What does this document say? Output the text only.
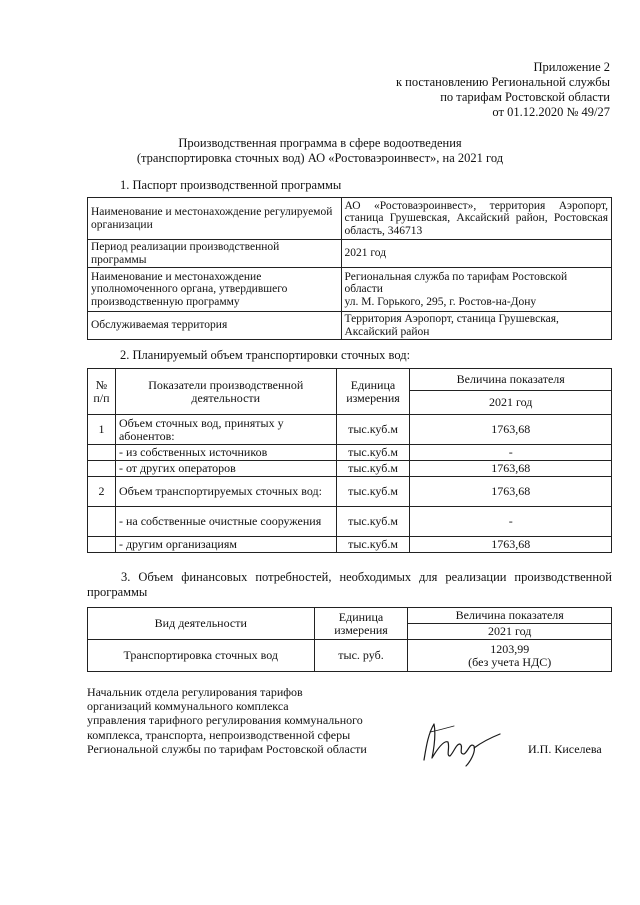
Приложение 2
к постановлению Региональной службы
по тарифам Ростовской области
от 01.12.2020 № 49/27
Производственная программа в сфере водоотведения
(транспортировка сточных вод) АО «Ростоваэроинвест», на 2021 год
1. Паспорт производственной программы
Наименование и местонахождение регулируемой организации	АО «Ростоваэроинвест», территория Аэропорт, станица Грушевская, Аксайский район, Ростовская область, 346713
Период реализации производственной программы	2021 год
Наименование и местонахождение уполномоченного органа, утвердившего производственную программу	Региональная служба по тарифам Ростовской области
ул. М. Горького, 295, г. Ростов-на-Дону

Обслуживаемая территория	Территория Аэропорт, станица Грушевская, Аксайский район
2. Планируемый объем транспортировки сточных вод:
№ п/п	Показатели производственной деятельности	Единица измерения	Величина показателя
			2021 год
1	Объем сточных вод, принятых у абонентов:	тыс.куб.м	1763,68
	- из собственных источников	тыс.куб.м	-
	- от других операторов	тыс.куб.м	1763,68
2	Объем транспортируемых сточных вод:	тыс.куб.м	1763,68
	- на собственные очистные сооружения	тыс.куб.м	-
	- другим организациям	тыс.куб.м	1763,68
3. Объем финансовых потребностей, необходимых для реализации производственной программы
Вид деятельности	Единица измерения	Величина показателя
		2021 год
Транспортировка сточных вод	тыс. руб.	1203,99
(без учета НДС)
Начальник отдела регулирования тарифов
организаций коммунального комплекса
управления тарифного регулирования коммунального
комплекса, транспорта, непроизводственной сферы
Региональной службы по тарифам Ростовской области	И.П. Киселева
